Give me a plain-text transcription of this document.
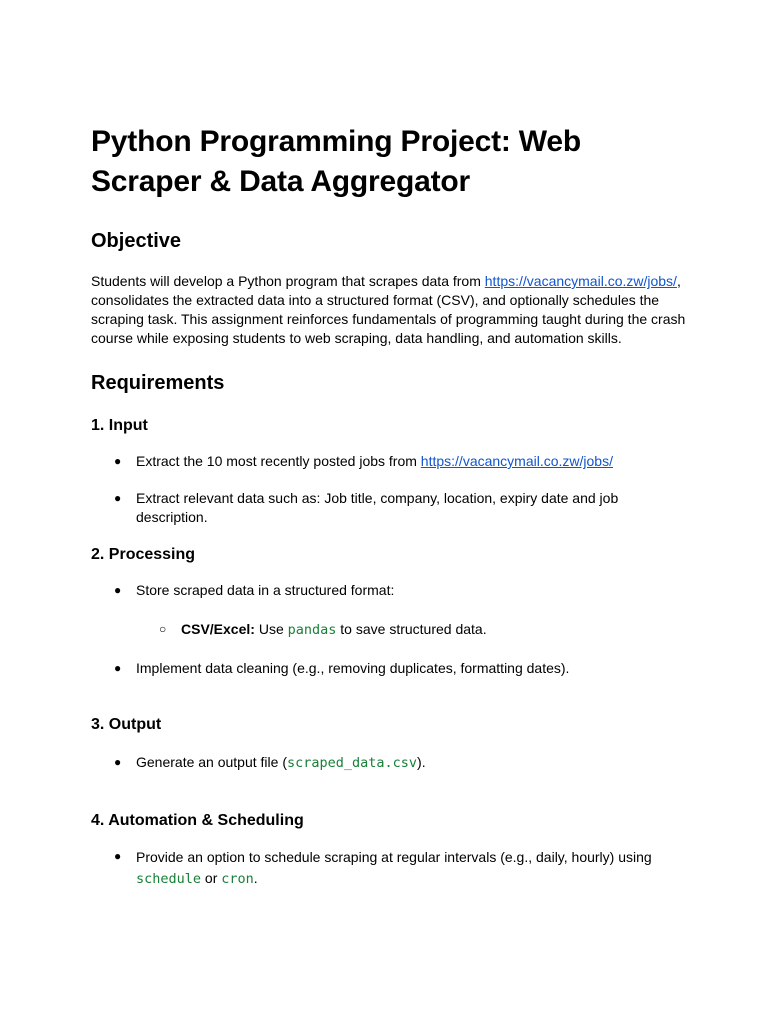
Python Programming Project: Web Scraper & Data Aggregator
Objective

Students will develop a Python program that scrapes data from https://vacancymail.co.zw/jobs/, consolidates the extracted data into a structured format (CSV), and optionally schedules the scraping task. This assignment reinforces fundamentals of programming taught during the crash course while exposing students to web scraping, data handling, and automation skills.

Requirements
1. Input
● Extract the 10 most recently posted jobs from https://vacancymail.co.zw/jobs/
● Extract relevant data such as: Job title, company, location, expiry date and job description.
2. Processing
● Store scraped data in a structured format:
○ CSV/Excel: Use pandas to save structured data.
● Implement data cleaning (e.g., removing duplicates, formatting dates).
3. Output
● Generate an output file (scraped_data.csv).
4. Automation & Scheduling
● Provide an option to schedule scraping at regular intervals (e.g., daily, hourly) using schedule or cron.
